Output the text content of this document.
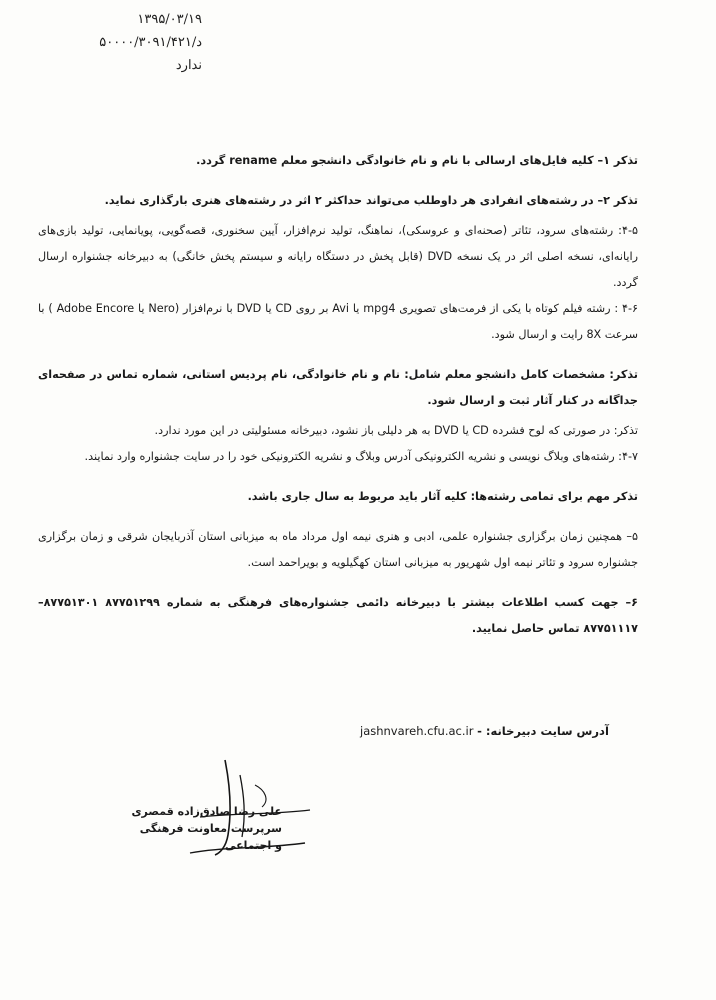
۱۳۹۵/۰۳/۱۹
۵۰۰۰۰/۳۰۹۱/۴۲۱/د
ندارد

تذکر ۱– کلیه فایل‌های ارسالی با نام و نام خانوادگی دانشجو معلم rename گردد.

تذکر ۲– در رشته‌های انفرادی هر داوطلب می‌تواند حداکثر ۲ اثر در رشته‌های هنری بارگذاری نماید.

۴-۵: رشته‌های سرود، تئاتر (صحنه‌ای و عروسکی)، نماهنگ، تولید نرم‌افزار، آیین سخنوری، قصه‌گویی، پویانمایی، تولید بازی‌های رایانه‌ای، نسخه اصلی اثر در یک نسخه DVD (قابل پخش در دستگاه رایانه و سیستم پخش خانگی) به دبیرخانه جشنواره ارسال گردد.

۴-۶ : رشته فیلم کوتاه با یکی از فرمت‌های تصویری mpg4 یا Avi بر روی CD یا DVD با نرم‌افزار (Nero یا Adobe Encore ) با سرعت 8X رایت و ارسال شود.

تذکر: مشخصات کامل دانشجو معلم شامل: نام و نام خانوادگی، نام پردیس استانی، شماره تماس در صفحه‌ای جداگانه در کنار آثار ثبت و ارسال شود.

تذکر: در صورتی که لوح فشرده CD یا DVD به هر دلیلی باز نشود، دبیرخانه مسئولیتی در این مورد ندارد.

۴-۷: رشته‌های وبلاگ نویسی و نشریه الکترونیکی آدرس وبلاگ و نشریه الکترونیکی خود را در سایت جشنواره وارد نمایند.

تذکر مهم برای تمامی رشته‌ها: کلیه آثار باید مربوط به سال جاری باشد.

۵– همچنین زمان برگزاری جشنواره علمی، ادبی و هنری نیمه اول مرداد ماه به میزبانی استان آذربایجان شرقی و زمان برگزاری جشنواره سرود و تئاتر نیمه اول شهریور به میزبانی استان کهگیلویه و بویراحمد است.

۶– جهت کسب اطلاعات بیشتر با دبیرخانه دائمی جشنواره‌های فرهنگی به شماره ۸۷۷۵۱۲۹۹ ۸۷۷۵۱۳۰۱– ۸۷۷۵۱۱۱۷ تماس حاصل نمایید.

آدرس سایت دبیرخانه: - jashnvareh.cfu.ac.ir
علی رضا صادق‌زاده قمصری
سرپرست معاونت فرهنگی
و اجتماعی
